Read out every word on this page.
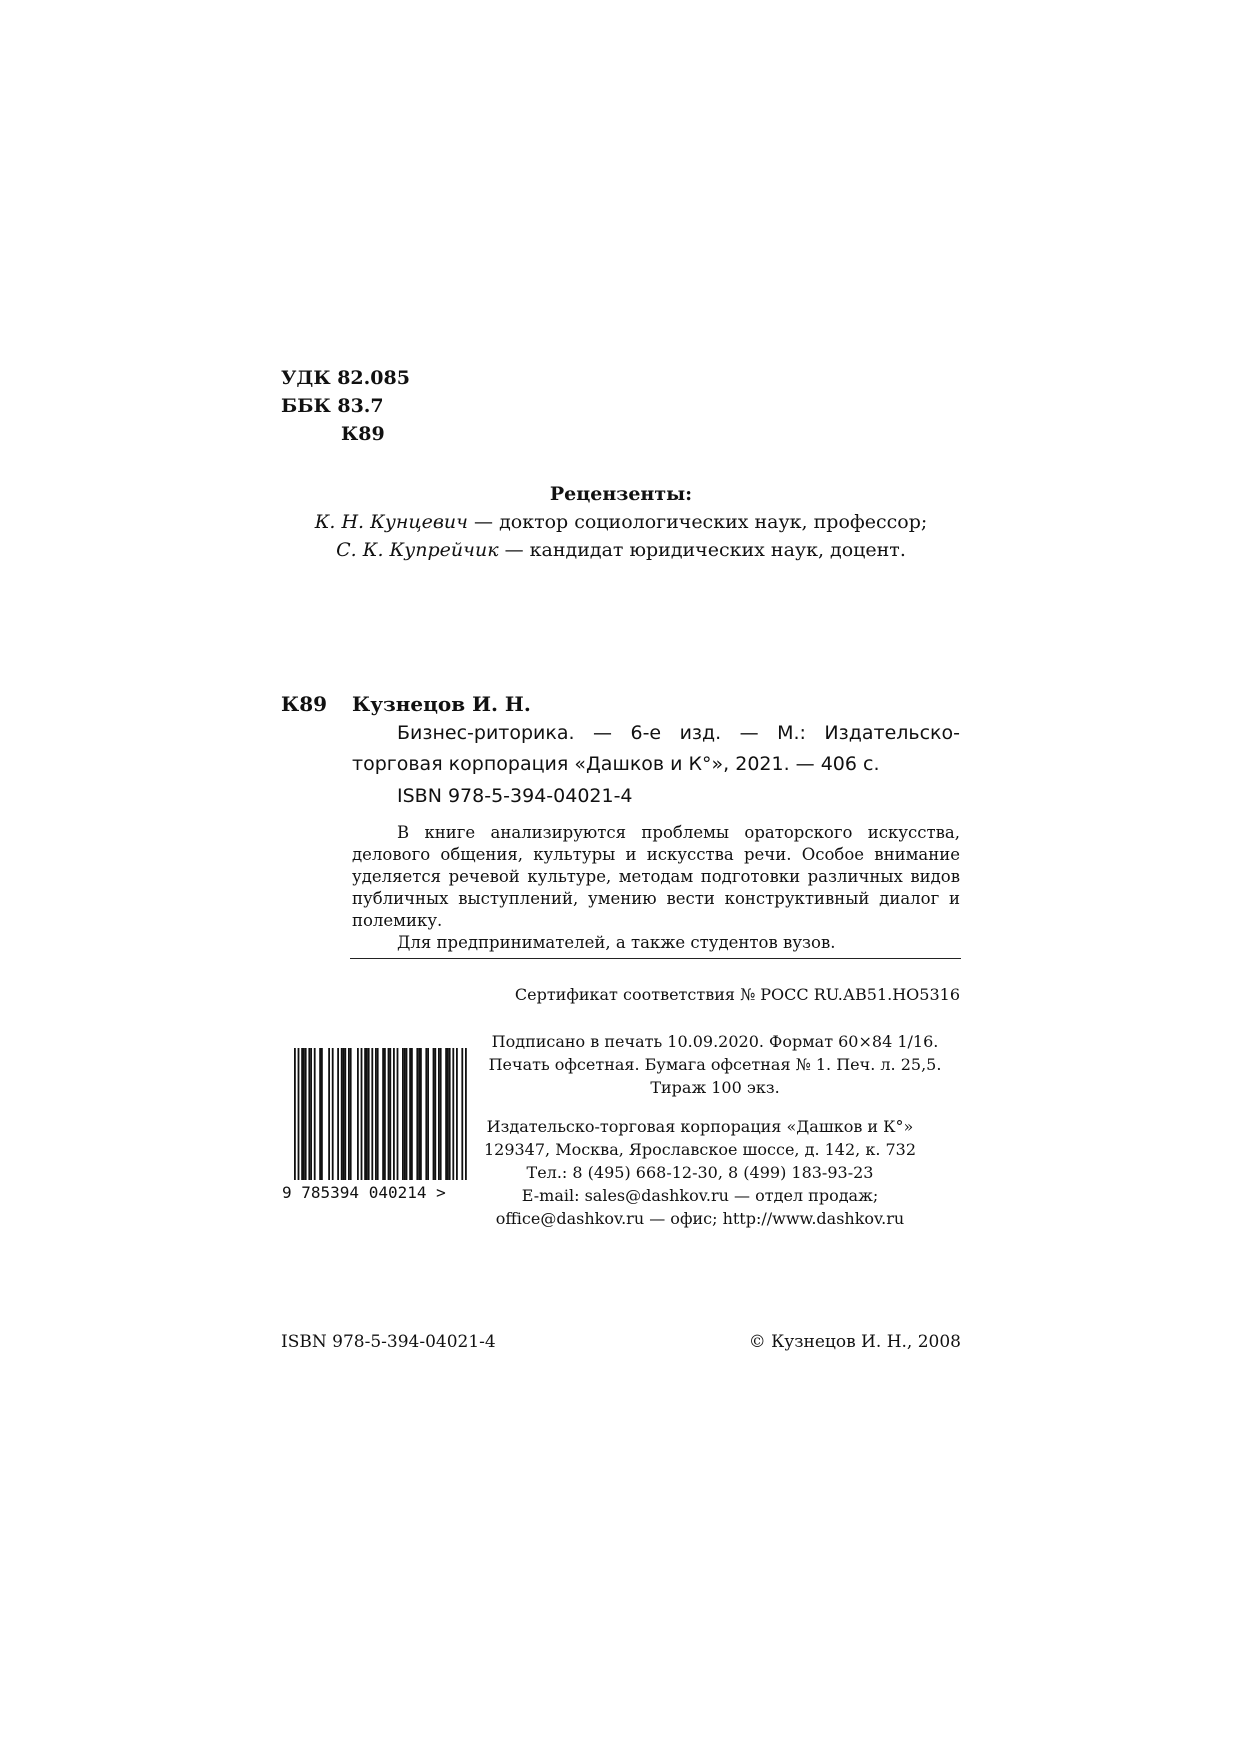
УДК 82.085
ББК 83.7
К89
Рецензенты:
К. Н. Кунцевич — доктор социологических наук, профессор;
С. К. Купрейчик — кандидат юридических наук, доцент.
К89 Кузнецов И. Н.
Бизнес-риторика. — 6-е изд. — М.: Издательско-торговая корпорация «Дашков и К°», 2021. — 406 с.
ISBN 978-5-394-04021-4

В книге анализируются проблемы ораторского искусства, делового общения, культуры и искусства речи. Особое внимание уделяется речевой культуре, методам подготовки различных видов публичных выступлений, умению вести конструктивный диалог и полемику.

Для предпринимателей, а также студентов вузов.

Сертификат соответствия № РОСС RU.АВ51.НО5316
Подписано в печать 10.09.2020. Формат 60×84 1/16.
Печать офсетная. Бумага офсетная № 1. Печ. л. 25,5.
Тираж 100 экз.
9 785394 040214 >
Издательско-торговая корпорация «Дашков и К°»
129347, Москва, Ярославское шоссе, д. 142, к. 732
Тел.: 8 (495) 668-12-30, 8 (499) 183-93-23
E-mail: sales@dashkov.ru — отдел продаж;
office@dashkov.ru — офис; http://www.dashkov.ru
ISBN 978-5-394-04021-4	© Кузнецов И. Н., 2008
